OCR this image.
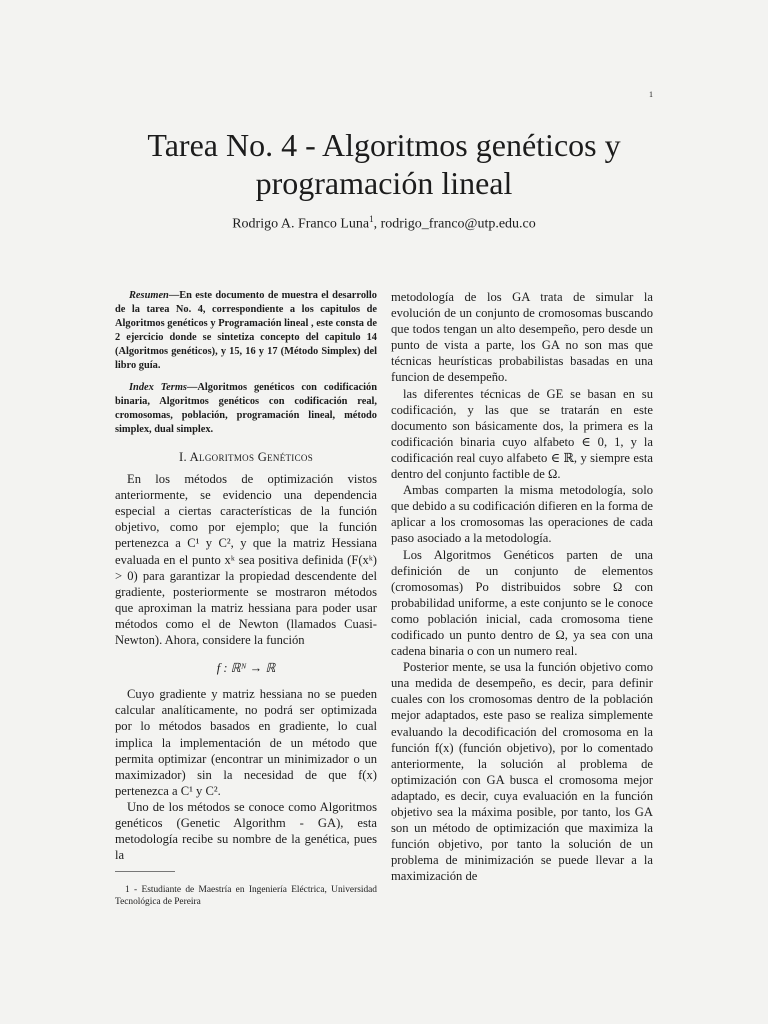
1
Tarea No. 4 - Algoritmos genéticos y
programación lineal
Rodrigo A. Franco Luna$^1$, rodrigo_franco@utp.edu.co

Resumen—En este documento de muestra el desarrollo de la tarea No. 4, correspondiente a los capitulos de Algoritmos genéticos y Programación lineal , este consta de 2 ejercicio donde se sintetiza concepto del capitulo 14 (Algoritmos genéticos), y 15, 16 y 17 (Método Simplex) del libro guía.

Index Terms—Algoritmos genéticos con codificación binaria, Algoritmos genéticos con codificación real, cromosomas, población, programación lineal, método simplex, dual simplex.

I. Algoritmos Genéticos

En los métodos de optimización vistos anteriormente, se evidencio una dependencia especial a ciertas características de la función objetivo, como por ejemplo; que la función pertenezca a C¹ y C², y que la matriz Hessiana evaluada en el punto xᵏ sea positiva definida (F(xᵏ) > 0) para garantizar la propiedad descendente del gradiente, posteriormente se mostraron métodos que aproximan la matriz hessiana para poder usar métodos como el de Newton (llamados Cuasi-Newton). Ahora, considere la función

f : ℝᴺ → ℝ

Cuyo gradiente y matriz hessiana no se pueden calcular analíticamente, no podrá ser optimizada por lo métodos basados en gradiente, lo cual implica la implementación de un método que permita optimizar (encontrar un minimizador o un maximizador) sin la necesidad de que f(x) pertenezca a C¹ y C².

Uno de los métodos se conoce como Algoritmos genéticos (Genetic Algorithm - GA), esta metodología recibe su nombre de la genética, pues la

1 - Estudiante de Maestría en Ingeniería Eléctrica, Universidad Tecnológica de Pereira

metodología de los GA trata de simular la evolución de un conjunto de cromosomas buscando que todos tengan un alto desempeño, pero desde un punto de vista a parte, los GA no son mas que técnicas heurísticas probabilistas basadas en una funcion de desempeño.

las diferentes técnicas de GE se basan en su codificación, y las que se tratarán en este documento son básicamente dos, la primera es la codificación binaria cuyo alfabeto ∈ 0, 1, y la codificación real cuyo alfabeto ∈ ℝ, y siempre esta dentro del conjunto factible de Ω.

Ambas comparten la misma metodología, solo que debido a su codificación difieren en la forma de aplicar a los cromosomas las operaciones de cada paso asociado a la metodología.

Los Algoritmos Genéticos parten de una definición de un conjunto de elementos (cromosomas) Po distribuidos sobre Ω con probabilidad uniforme, a este conjunto se le conoce como población inicial, cada cromosoma tiene codificado un punto dentro de Ω, ya sea con una cadena binaria o con un numero real.

Posterior mente, se usa la función objetivo como una medida de desempeño, es decir, para definir cuales con los cromosomas dentro de la población mejor adaptados, este paso se realiza simplemente evaluando la decodificación del cromosoma en la función f(x) (función objetivo), por lo comentado anteriormente, la solución al problema de optimización con GA busca el cromosoma mejor adaptado, es decir, cuya evaluación en la función objetivo sea la máxima posible, por tanto, los GA son un método de optimización que maximiza la función objetivo, por tanto la solución de un problema de minimización se puede llevar a la maximización de
